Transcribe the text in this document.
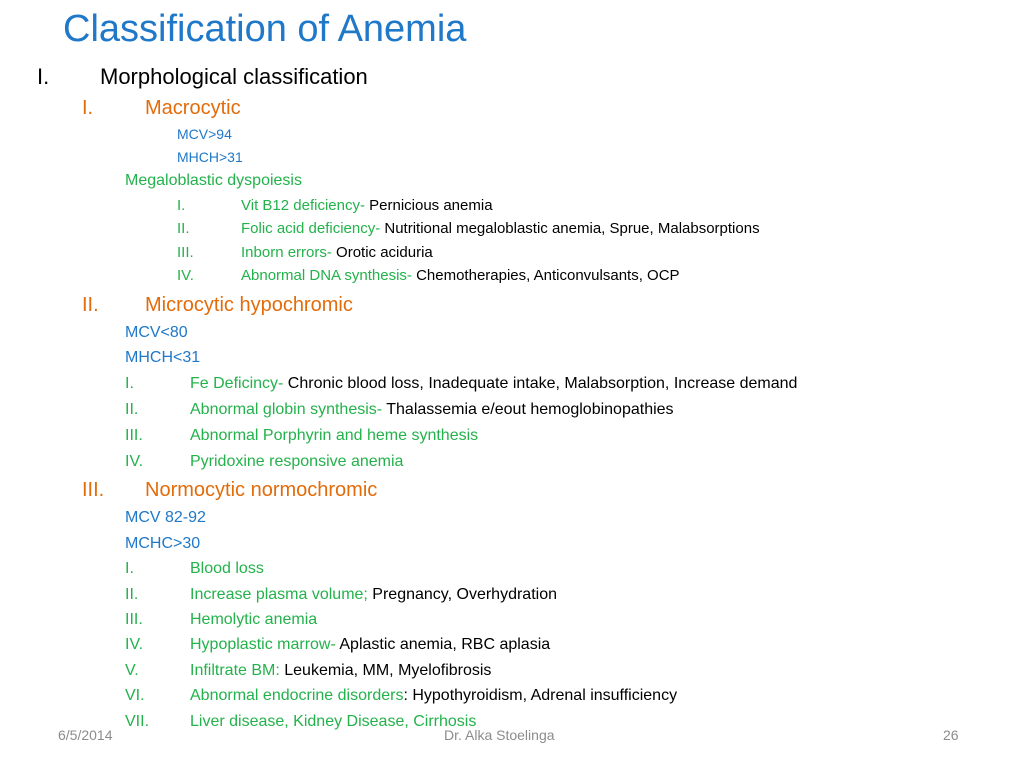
Classification of Anemia
I. Morphological classification
I.	Macrocytic
MCV>94
MHCH>31
Megaloblastic dyspoiesis
I.	Vit B12 deficiency- Pernicious anemia
II.	Folic acid deficiency- Nutritional megaloblastic anemia, Sprue, Malabsorptions
III.	Inborn errors- Orotic aciduria
IV.	Abnormal DNA synthesis- Chemotherapies, Anticonvulsants, OCP
II. Microcytic hypochromic
MCV<80
MHCH<31
I.	Fe Deficincy- Chronic blood loss, Inadequate intake, Malabsorption, Increase demand
II.	Abnormal globin synthesis- Thalassemia e/eout hemoglobinopathies
III.	Abnormal Porphyrin and heme synthesis
IV.	Pyridoxine responsive anemia
III. Normocytic normochromic
MCV 82-92
MCHC>30
I.	Blood loss
II.	Increase plasma volume; Pregnancy, Overhydration
III.	Hemolytic anemia
IV.	Hypoplastic marrow- Aplastic anemia, RBC aplasia
V.	Infiltrate BM: Leukemia, MM, Myelofibrosis
VI.	Abnormal endocrine disorders: Hypothyroidism, Adrenal insufficiency
VII.	Liver disease, Kidney Disease, Cirrhosis
6/5/2014	Dr. Alka Stoelinga	26
